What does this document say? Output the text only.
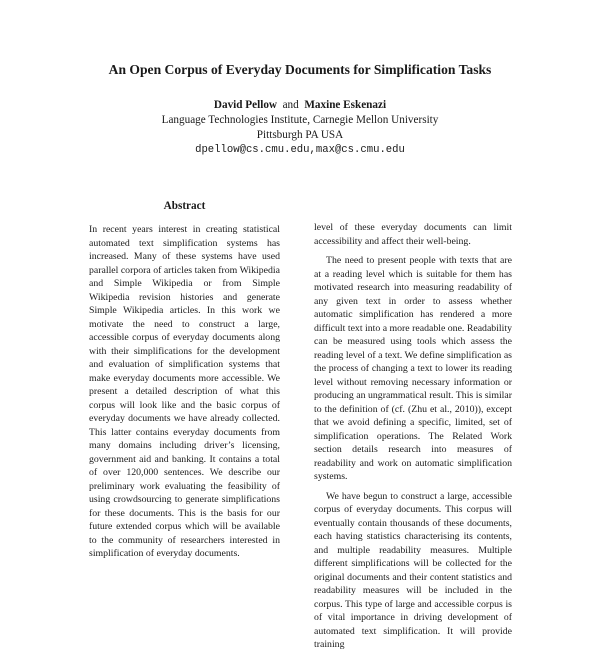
An Open Corpus of Everyday Documents for Simplification Tasks
David Pellow and Maxine Eskenazi
Language Technologies Institute, Carnegie Mellon University
Pittsburgh PA USA
dpellow@cs.cmu.edu,max@cs.cmu.edu
Abstract

In recent years interest in creating statistical automated text simplification systems has increased. Many of these systems have used parallel corpora of articles taken from Wikipedia and Simple Wikipedia or from Simple Wikipedia revision histories and generate Simple Wikipedia articles. In this work we motivate the need to construct a large, accessible corpus of everyday documents along with their simplifications for the development and evaluation of simplification systems that make everyday documents more accessible. We present a detailed description of what this corpus will look like and the basic corpus of everyday documents we have already collected. This latter contains everyday documents from many domains including driver’s licensing, government aid and banking. It contains a total of over 120,000 sentences. We describe our preliminary work evaluating the feasibility of using crowdsourcing to generate simplifications for these documents. This is the basis for our future extended corpus which will be available to the community of researchers interested in simplification of everyday documents.

level of these everyday documents can limit accessibility and affect their well-being.

The need to present people with texts that are at a reading level which is suitable for them has motivated research into measuring readability of any given text in order to assess whether automatic simplification has rendered a more difficult text into a more readable one. Readability can be measured using tools which assess the reading level of a text. We define simplification as the process of changing a text to lower its reading level without removing necessary information or producing an ungrammatical result. This is similar to the definition of (cf. (Zhu et al., 2010)), except that we avoid defining a specific, limited, set of simplification operations. The Related Work section details research into measures of readability and work on automatic simplification systems.

We have begun to construct a large, accessible corpus of everyday documents. This corpus will eventually contain thousands of these documents, each having statistics characterising its contents, and multiple readability measures. Multiple different simplifications will be collected for the original documents and their content statistics and readability measures will be included in the corpus. This type of large and accessible corpus is of vital importance in driving development of automated text simplification. It will provide training
